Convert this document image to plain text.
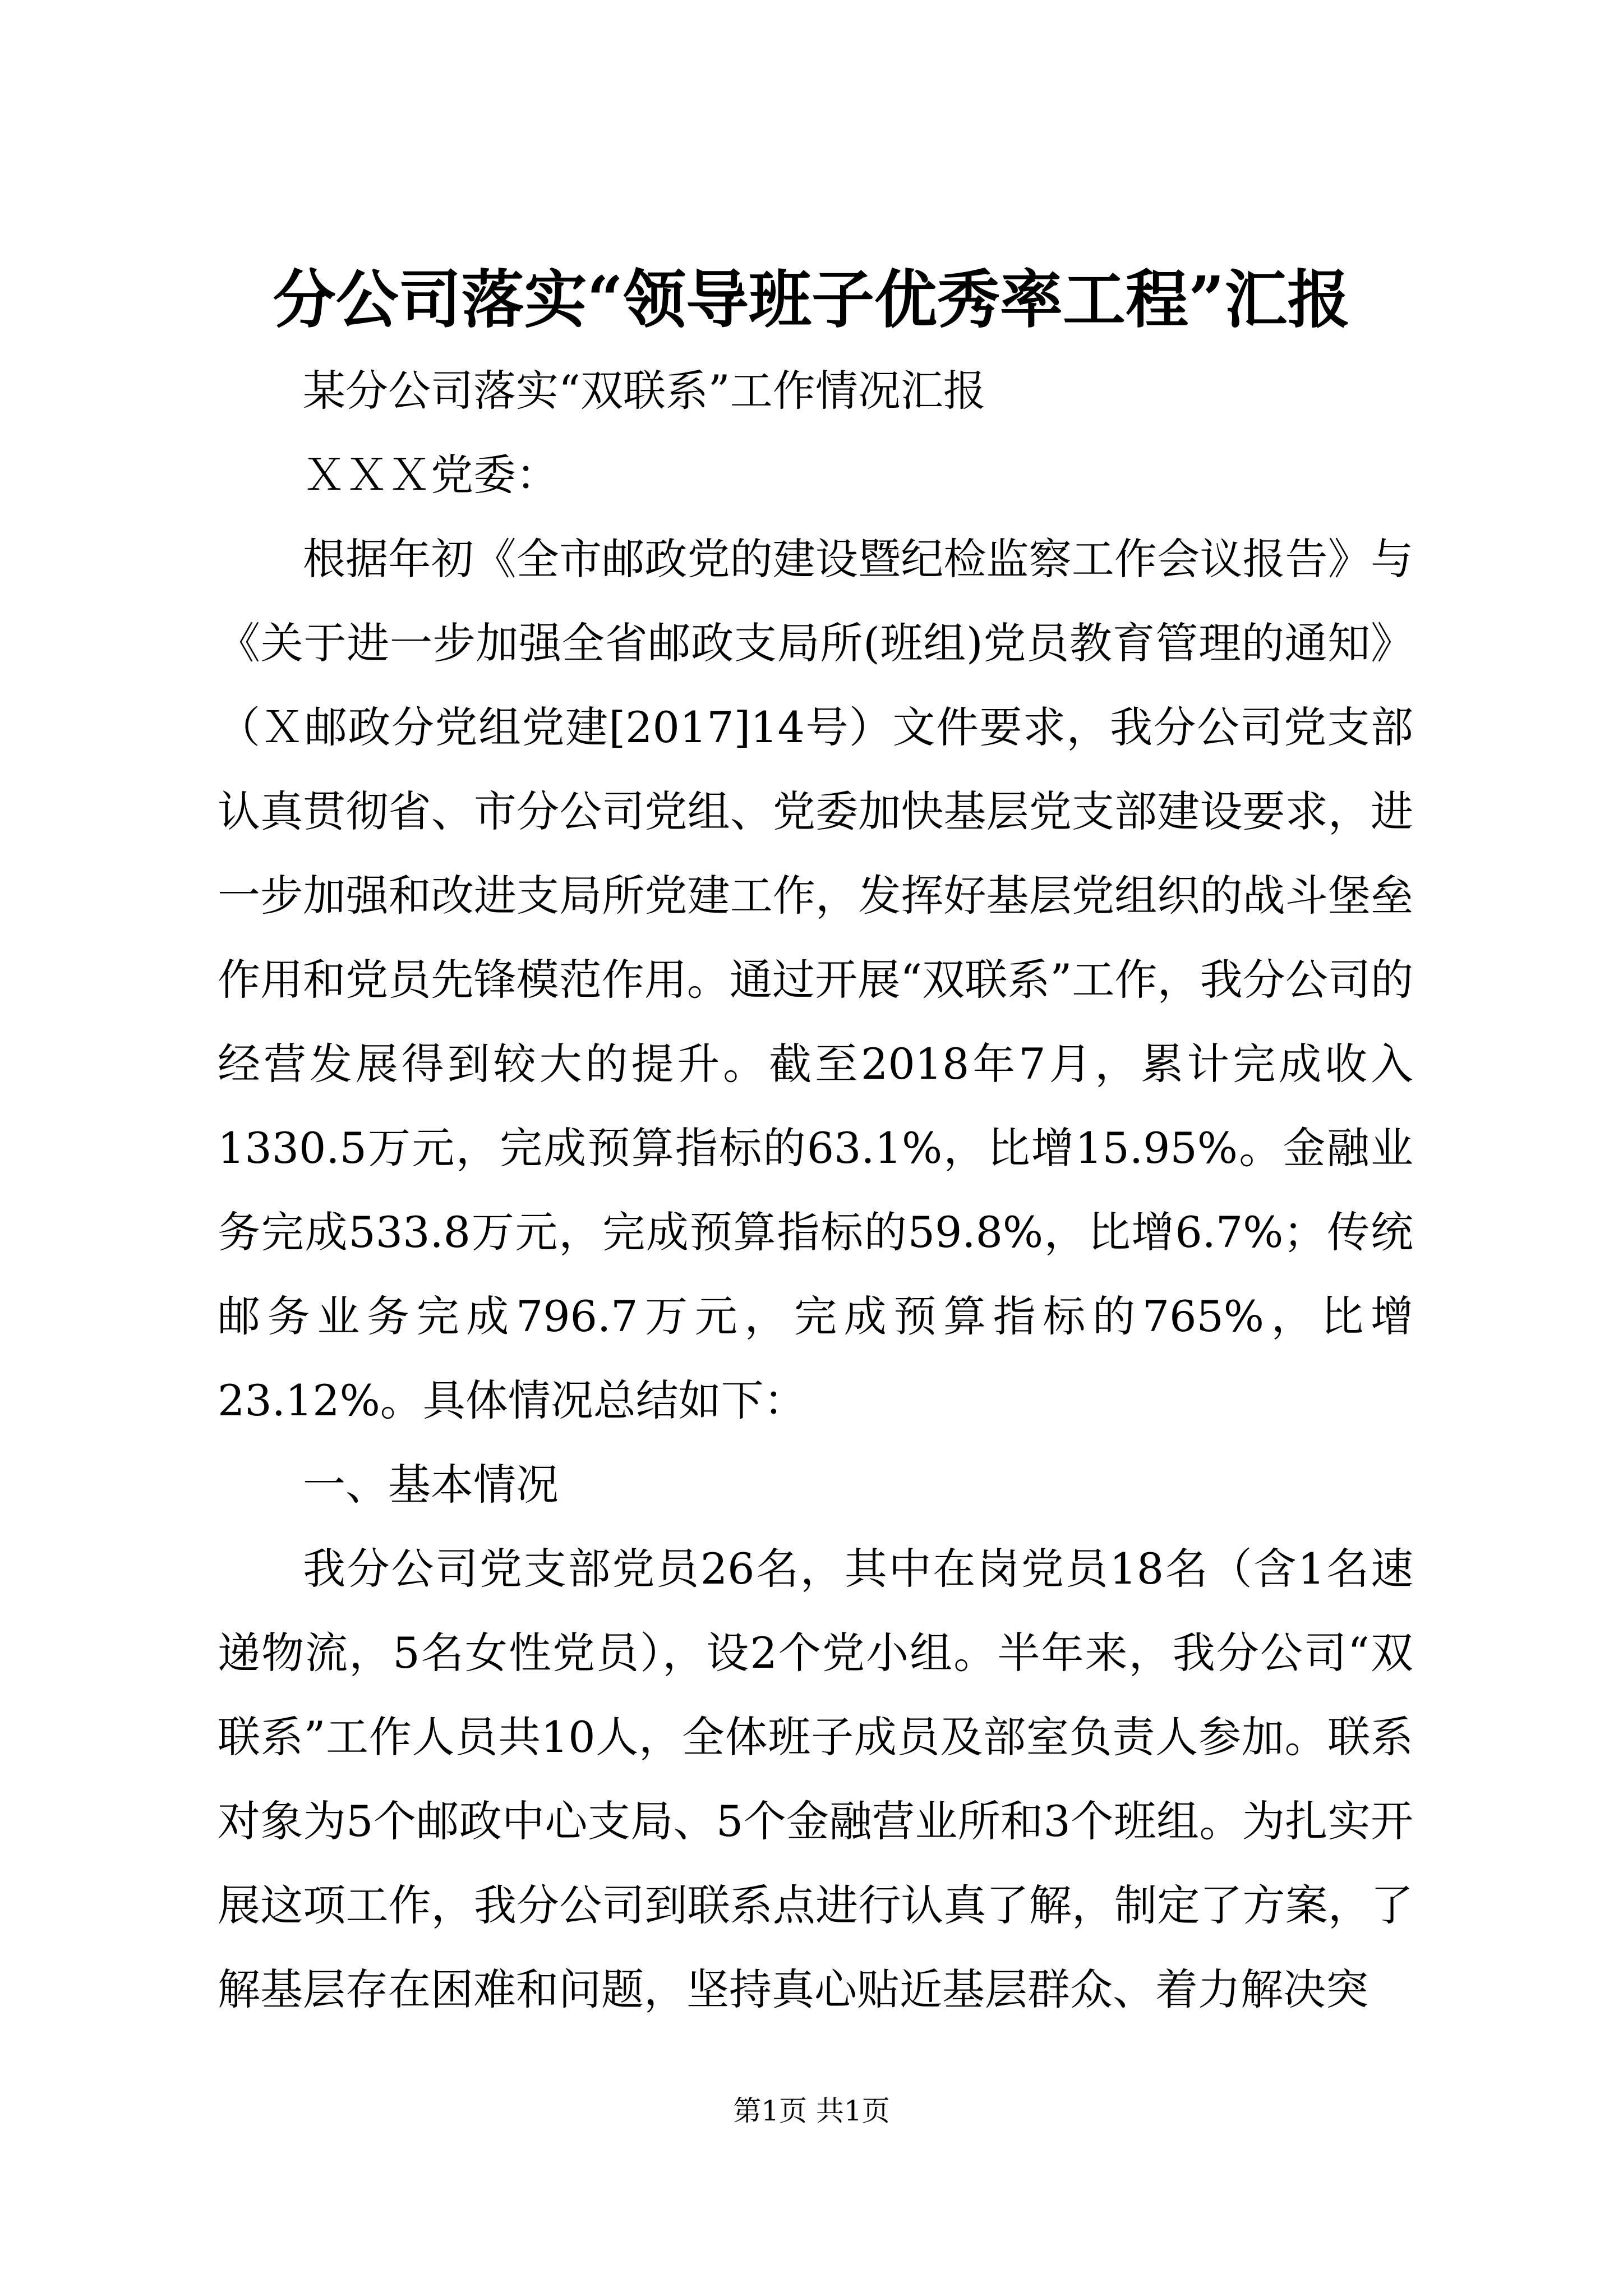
分公司落实“领导班子优秀率工程”汇报

某分公司落实“双联系”工作情况汇报

ＸＸＸ党委：

根据年初《全市邮政党的建设暨纪检监察工作会议报告》与《关于进一步加强全省邮政支局所(班组)党员教育管理的通知》（Ｘ邮政分党组党建[2017]14号）文件要求，我分公司党支部认真贯彻省、市分公司党组、党委加快基层党支部建设要求，进一步加强和改进支局所党建工作，发挥好基层党组织的战斗堡垒作用和党员先锋模范作用。通过开展“双联系”工作，我分公司的经营发展得到较大的提升。截至2018年7月，累计完成收入1330.5万元，完成预算指标的63.1%，比增15.95%。金融业务完成533.8万元，完成预算指标的59.8%，比增6.7%；传统邮务业务完成796.7万元，完成预算指标的765%，比增23.12%。具体情况总结如下：

一、基本情况

我分公司党支部党员26名，其中在岗党员18名（含1名速递物流，5名女性党员），设2个党小组。半年来，我分公司“双联系”工作人员共10人，全体班子成员及部室负责人参加。联系对象为5个邮政中心支局、5个金融营业所和3个班组。为扎实开展这项工作，我分公司到联系点进行认真了解，制定了方案，了解基层存在困难和问题，坚持真心贴近基层群众、着力解决突

第1页 共1页
